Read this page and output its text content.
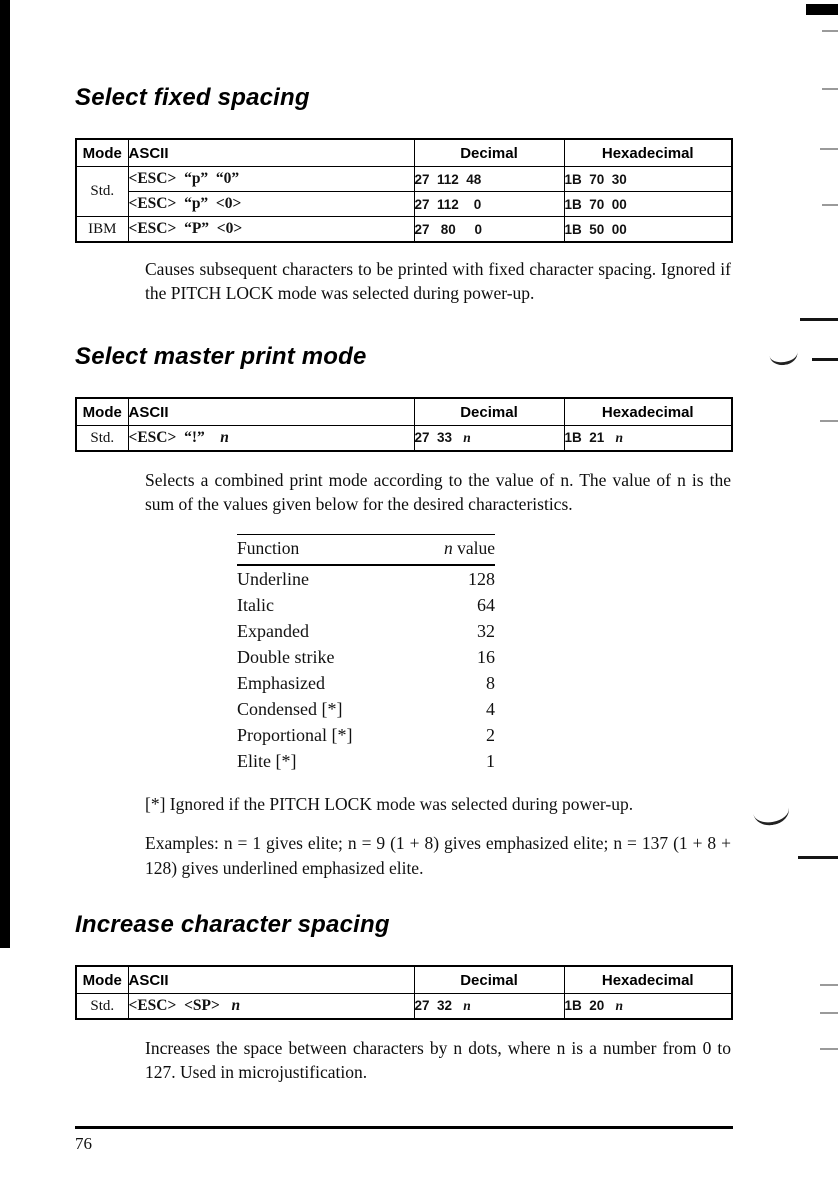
Select fixed spacing
Mode	ASCII	Decimal	Hexadecimal
Std.	<ESC>  “p”  “0”	27  112  48	1B  70  30
	<ESC>  “p”  <0>	27  112    0	1B  70  00
IBM	<ESC>  “P”  <0>	27   80     0	1B  50  00

Causes subsequent characters to be printed with fixed character spacing. Ignored if the PITCH LOCK mode was selected during power-up.

Select master print mode
Mode	ASCII	Decimal	Hexadecimal
Std.	<ESC>  “!”    n	27  33   n	1B  21   n

Selects a combined print mode according to the value of n. The value of n is the sum of the values given below for the desired characteristics.

Function	n value
Underline	128
Italic	64
Expanded	32
Double strike	16
Emphasized	8
Condensed [*]	4
Proportional [*]	2
Elite [*]	1

[*] Ignored if the PITCH LOCK mode was selected during power-up.

Examples: n = 1 gives elite; n = 9 (1 + 8) gives emphasized elite; n = 137 (1 + 8 + 128) gives underlined emphasized elite.

Increase character spacing
Mode	ASCII	Decimal	Hexadecimal
Std.	<ESC>  <SP>   n	27  32   n	1B  20   n

Increases the space between characters by n dots, where n is a number from 0 to 127. Used in microjustification.

76
